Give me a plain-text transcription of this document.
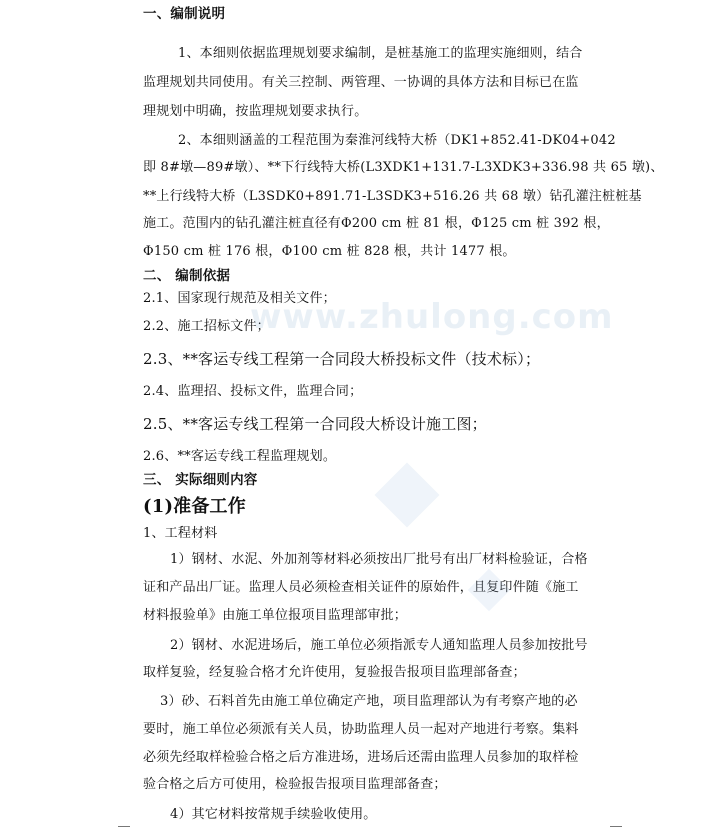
一、编制说明
1、本细则依据监理规划要求编制，是桩基施工的监理实施细则，结合
监理规划共同使用。有关三控制、两管理、一协调的具体方法和目标已在监
理规划中明确，按监理规划要求执行。
2、本细则涵盖的工程范围为秦淮河线特大桥（DK1+852.41-DK04+042
即 8#墩—89#墩）、**下行线特大桥(L3XDK1+131.7-L3XDK3+336.98 共 65 墩)、
**上行线特大桥（L3SDK0+891.71-L3SDK3+516.26 共 68 墩）钻孔灌注桩桩基
施工。范围内的钻孔灌注桩直径有Φ200 cm 桩 81 根，Φ125 cm 桩 392 根，
Φ150 cm 桩 176 根，Φ100 cm 桩 828 根，共计 1477 根。
二、 编制依据
2.1、国家现行规范及相关文件；
2.2、施工招标文件；
2.3、**客运专线工程第一合同段大桥投标文件（技术标）；
2.4、监理招、投标文件，监理合同；
2.5、**客运专线工程第一合同段大桥设计施工图；
2.6、**客运专线工程监理规划。
三、 实际细则内容
(1)准备工作
1、工程材料
1）钢材、水泥、外加剂等材料必须按出厂批号有出厂材料检验证，合格
证和产品出厂证。监理人员必须检查相关证件的原始件，且复印件随《施工
材料报验单》由施工单位报项目监理部审批；
2）钢材、水泥进场后，施工单位必须指派专人通知监理人员参加按批号
取样复验，经复验合格才允许使用，复验报告报项目监理部备查；
3）砂、石料首先由施工单位确定产地，项目监理部认为有考察产地的必
要时，施工单位必须派有关人员，协助监理人员一起对产地进行考察。集料
必须先经取样检验合格之后方准进场，进场后还需由监理人员参加的取样检
验合格之后方可使用，检验报告报项目监理部备查；
4）其它材料按常规手续验收使用。
www.zhulong.com
